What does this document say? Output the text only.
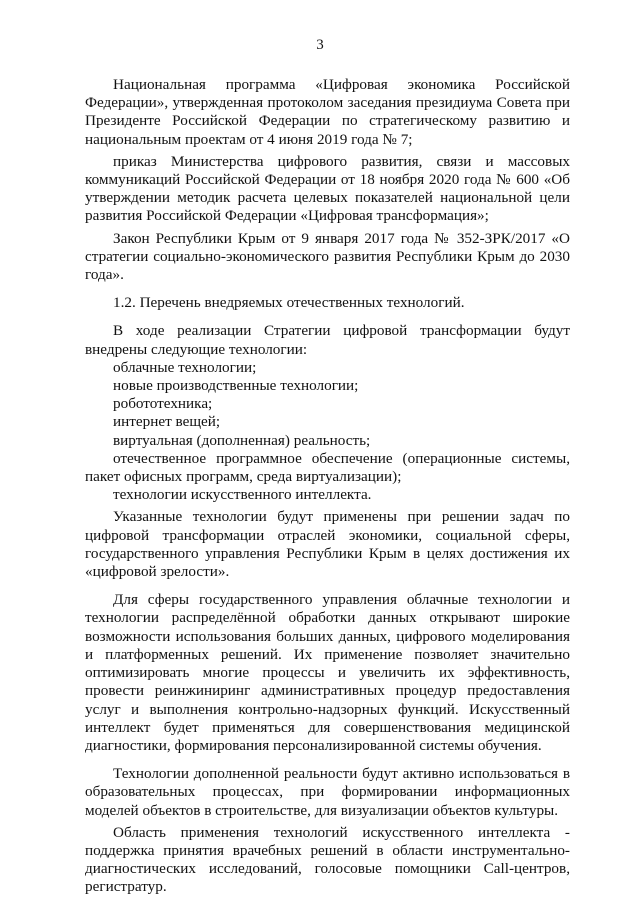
3

Национальная программа «Цифровая экономика Российской Федерации», утвержденная протоколом заседания президиума Совета при Президенте Российской Федерации по стратегическому развитию и национальным проектам от 4 июня 2019 года № 7;

приказ Министерства цифрового развития, связи и массовых коммуникаций Российской Федерации от 18 ноября 2020 года № 600 «Об утверждении методик расчета целевых показателей национальной цели развития Российской Федерации «Цифровая трансформация»;

Закон Республики Крым от 9 января 2017 года № 352-ЗРК/2017 «О стратегии социально-экономического развития Республики Крым до 2030 года».

1.2. Перечень внедряемых отечественных технологий.

В ходе реализации Стратегии цифровой трансформации будут внедрены следующие технологии:

облачные технологии;

новые производственные технологии;

робототехника;

интернет вещей;

виртуальная (дополненная) реальность;

отечественное программное обеспечение (операционные системы, пакет офисных программ, среда виртуализации);

технологии искусственного интеллекта.

Указанные технологии будут применены при решении задач по цифровой трансформации отраслей экономики, социальной сферы, государственного управления Республики Крым в целях достижения их «цифровой зрелости».

Для сферы государственного управления облачные технологии и технологии распределённой обработки данных открывают широкие возможности использования больших данных, цифрового моделирования и платформенных решений. Их применение позволяет значительно оптимизировать многие процессы и увеличить их эффективность, провести реинжиниринг административных процедур предоставления услуг и выполнения контрольно-надзорных функций. Искусственный интеллект будет применяться для совершенствования медицинской диагностики, формирования персонализированной системы обучения.

Технологии дополненной реальности будут активно использоваться в образовательных процессах, при формировании информационных моделей объектов в строительстве, для визуализации объектов культуры.

Область применения технологий искусственного интеллекта - поддержка принятия врачебных решений в области инструментально-диагностических исследований, голосовые помощники Call-центров, регистратур.
